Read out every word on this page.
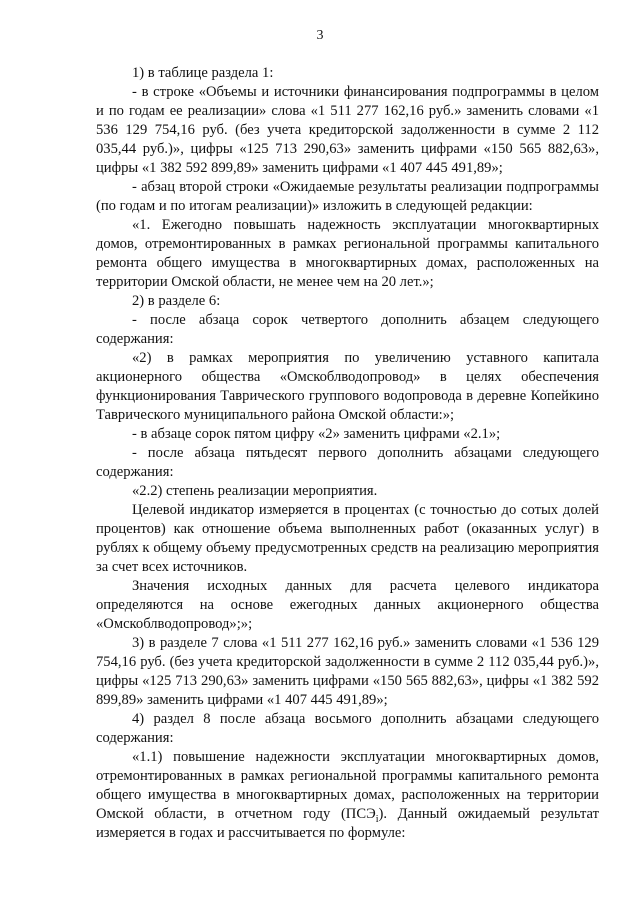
3

1) в таблице раздела 1:

- в строке «Объемы и источники финансирования подпрограммы в целом и по годам ее реализации» слова «1 511 277 162,16 руб.» заменить словами «1 536 129 754,16 руб. (без учета кредиторской задолженности в сумме 2 112 035,44 руб.)», цифры «125 713 290,63» заменить цифрами «150 565 882,63», цифры «1 382 592 899,89» заменить цифрами «1 407 445 491,89»;

- абзац второй строки «Ожидаемые результаты реализации подпрограммы (по годам и по итогам реализации)» изложить в следующей редакции:

«1. Ежегодно повышать надежность эксплуатации многоквартирных домов, отремонтированных в рамках региональной программы капитального ремонта общего имущества в многоквартирных домах, расположенных на территории Омской области, не менее чем на 20 лет.»;

2) в разделе 6:

- после абзаца сорок четвертого дополнить абзацем следующего содержания:

«2) в рамках мероприятия по увеличению уставного капитала акционерного общества «Омскоблводопровод» в целях обеспечения функционирования Таврического группового водопровода в деревне Копейкино Таврического муниципального района Омской области:»;

- в абзаце сорок пятом цифру «2» заменить цифрами «2.1»;

- после абзаца пятьдесят первого дополнить абзацами следующего содержания:

«2.2) степень реализации мероприятия.

Целевой индикатор измеряется в процентах (с точностью до сотых долей процентов) как отношение объема выполненных работ (оказанных услуг) в рублях к общему объему предусмотренных средств на реализацию мероприятия за счет всех источников.

Значения исходных данных для расчета целевого индикатора определяются на основе ежегодных данных акционерного общества «Омскоблводопровод»;»;

3) в разделе 7 слова «1 511 277 162,16 руб.» заменить словами «1 536 129 754,16 руб. (без учета кредиторской задолженности в сумме 2 112 035,44 руб.)», цифры «125 713 290,63» заменить цифрами «150 565 882,63», цифры «1 382 592 899,89» заменить цифрами «1 407 445 491,89»;

4) раздел 8 после абзаца восьмого дополнить абзацами следующего содержания:

«1.1) повышение надежности эксплуатации многоквартирных домов, отремонтированных в рамках региональной программы капитального ремонта общего имущества в многоквартирных домах, расположенных на территории Омской области, в отчетном году $(ПСЭ_i)$. Данный ожидаемый результат измеряется в годах и рассчитывается по формуле:
